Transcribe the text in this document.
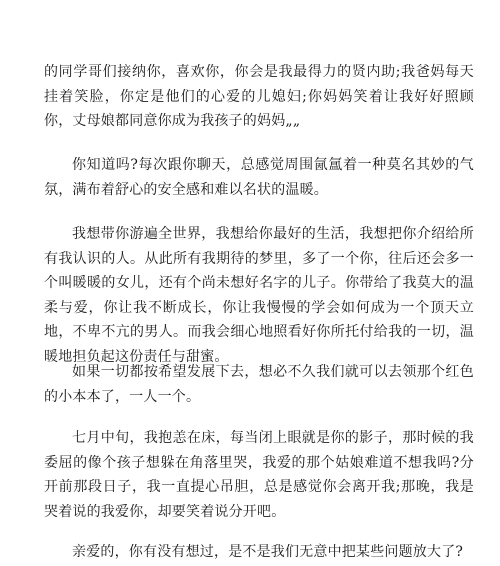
的同学哥们接纳你，喜欢你，你会是我最得力的贤内助;我爸妈每天挂着笑脸，你定是他们的心爱的儿媳妇;你妈妈笑着让我好好照顾你，丈母娘都同意你成为我孩子的妈妈„„

你知道吗?每次跟你聊天，总感觉周围氤氲着一种莫名其妙的气氛，满布着舒心的安全感和难以名状的温暖。

我想带你游遍全世界，我想给你最好的生活，我想把你介绍给所有我认识的人。从此所有我期待的梦里，多了一个你，往后还会多一个叫暖暖的女儿，还有个尚未想好名字的儿子。你带给了我莫大的温柔与爱，你让我不断成长，你让我慢慢的学会如何成为一个顶天立地，不卑不亢的男人。而我会细心地照看好你所托付给我的一切，温暖地担负起这份责任与甜蜜。

如果一切都按希望发展下去，想必不久我们就可以去领那个红色的小本本了，一人一个。

七月中旬，我抱恙在床，每当闭上眼就是你的影子，那时候的我委屈的像个孩子想躲在角落里哭，我爱的那个姑娘难道不想我吗?分开前那段日子，我一直提心吊胆，总是感觉你会离开我;那晚，我是哭着说的我爱你，却要笑着说分开吧。

亲爱的，你有没有想过，是不是我们无意中把某些问题放大了?
